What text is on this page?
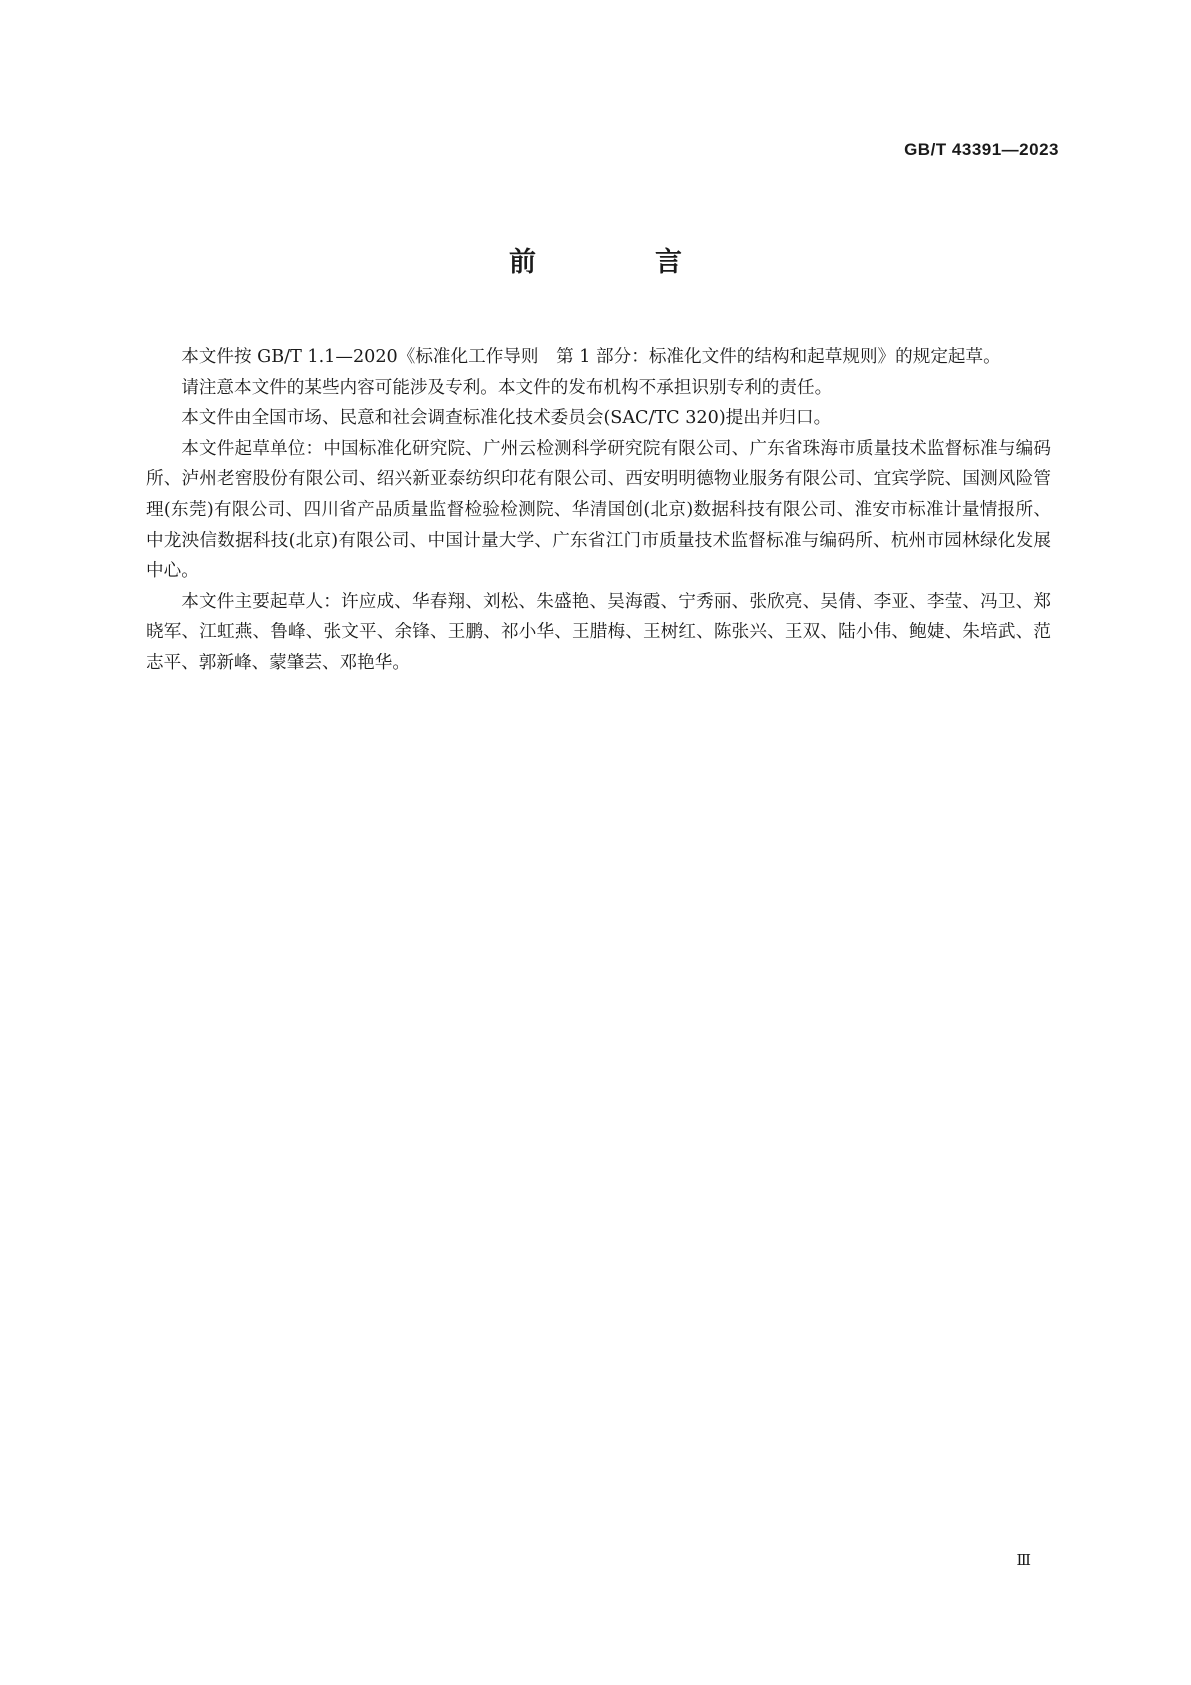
GB/T 43391—2023
前　言

本文件按 GB/T 1.1—2020《标准化工作导则　第 1 部分：标准化文件的结构和起草规则》的规定起草。

请注意本文件的某些内容可能涉及专利。本文件的发布机构不承担识别专利的责任。

本文件由全国市场、民意和社会调查标准化技术委员会(SAC/TC 320)提出并归口。

本文件起草单位：中国标准化研究院、广州云检测科学研究院有限公司、广东省珠海市质量技术监督标准与编码所、泸州老窖股份有限公司、绍兴新亚泰纺织印花有限公司、西安明明德物业服务有限公司、宜宾学院、国测风险管理(东莞)有限公司、四川省产品质量监督检验检测院、华清国创(北京)数据科技有限公司、淮安市标准计量情报所、中龙泱信数据科技(北京)有限公司、中国计量大学、广东省江门市质量技术监督标准与编码所、杭州市园林绿化发展中心。

本文件主要起草人：许应成、华春翔、刘松、朱盛艳、吴海霞、宁秀丽、张欣亮、吴倩、李亚、李莹、冯卫、郑晓军、江虹燕、鲁峰、张文平、余锋、王鹏、祁小华、王腊梅、王树红、陈张兴、王双、陆小伟、鲍婕、朱培武、范志平、郭新峰、蒙肇芸、邓艳华。

Ⅲ
